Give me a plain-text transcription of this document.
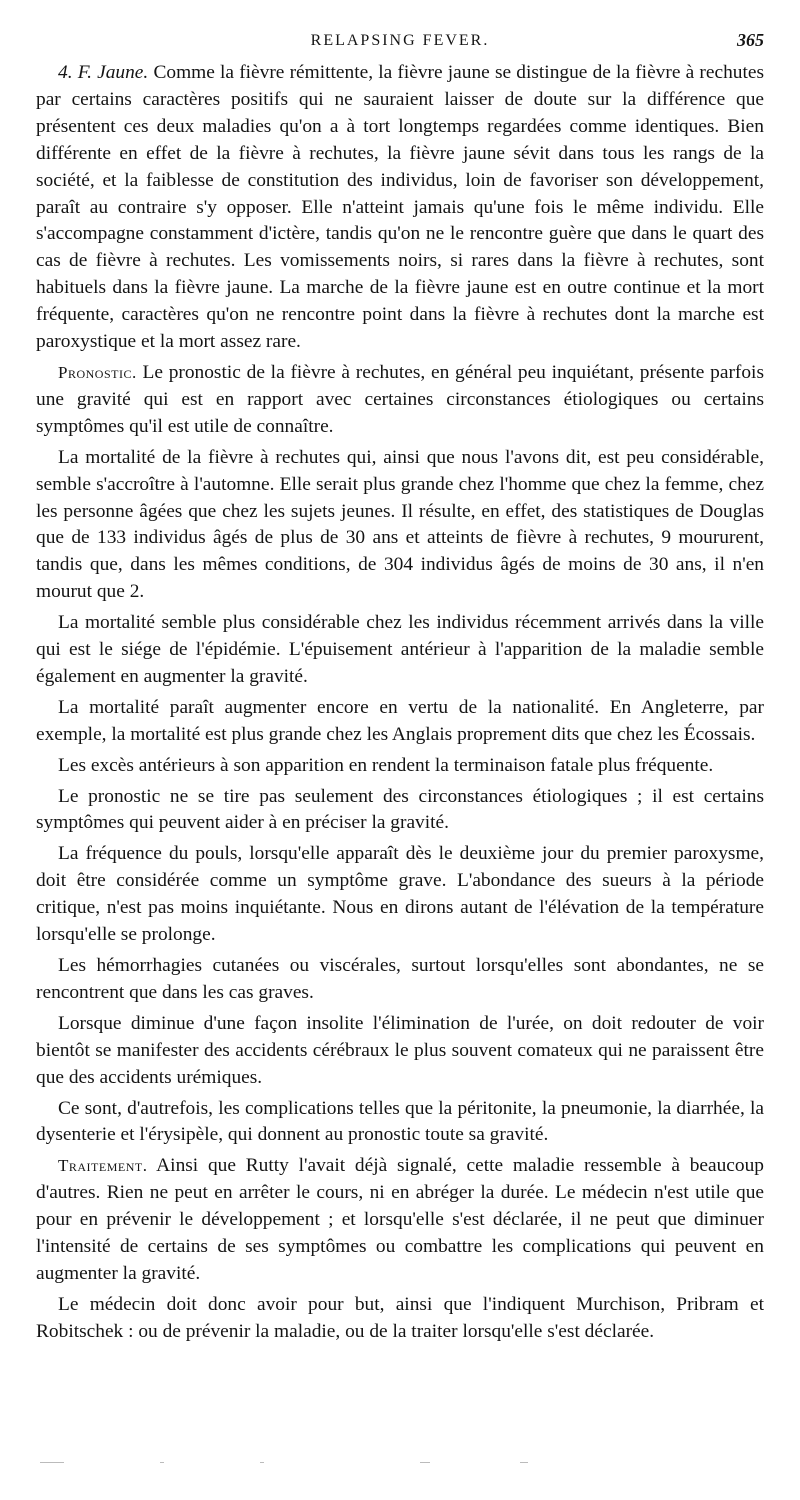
RELAPSING FEVER.	365

4. F. Jaune. Comme la fièvre rémittente, la fièvre jaune se distingue de la fièvre à rechutes par certains caractères positifs qui ne sauraient laisser de doute sur la différence que présentent ces deux maladies qu'on a à tort longtemps regardées comme identiques. Bien différente en effet de la fièvre à rechutes, la fièvre jaune sévit dans tous les rangs de la société, et la faiblesse de constitution des individus, loin de favoriser son développement, paraît au contraire s'y opposer. Elle n'atteint jamais qu'une fois le même individu. Elle s'accompagne constamment d'ictère, tandis qu'on ne le rencontre guère que dans le quart des cas de fièvre à rechutes. Les vomissements noirs, si rares dans la fièvre à rechutes, sont habituels dans la fièvre jaune. La marche de la fièvre jaune est en outre continue et la mort fréquente, caractères qu'on ne rencontre point dans la fièvre à rechutes dont la marche est paroxystique et la mort assez rare.

Pronostic. Le pronostic de la fièvre à rechutes, en général peu inquiétant, présente parfois une gravité qui est en rapport avec certaines circonstances étiologiques ou certains symptômes qu'il est utile de connaître.

La mortalité de la fièvre à rechutes qui, ainsi que nous l'avons dit, est peu considérable, semble s'accroître à l'automne. Elle serait plus grande chez l'homme que chez la femme, chez les personne âgées que chez les sujets jeunes. Il résulte, en effet, des statistiques de Douglas que de 133 individus âgés de plus de 30 ans et atteints de fièvre à rechutes, 9 moururent, tandis que, dans les mêmes conditions, de 304 individus âgés de moins de 30 ans, il n'en mourut que 2.

La mortalité semble plus considérable chez les individus récemment arrivés dans la ville qui est le siége de l'épidémie. L'épuisement antérieur à l'apparition de la maladie semble également en augmenter la gravité.

La mortalité paraît augmenter encore en vertu de la nationalité. En Angleterre, par exemple, la mortalité est plus grande chez les Anglais proprement dits que chez les Écossais.

Les excès antérieurs à son apparition en rendent la terminaison fatale plus fréquente.

Le pronostic ne se tire pas seulement des circonstances étiologiques ; il est certains symptômes qui peuvent aider à en préciser la gravité.

La fréquence du pouls, lorsqu'elle apparaît dès le deuxième jour du premier paroxysme, doit être considérée comme un symptôme grave. L'abondance des sueurs à la période critique, n'est pas moins inquiétante. Nous en dirons autant de l'élévation de la température lorsqu'elle se prolonge.

Les hémorrhagies cutanées ou viscérales, surtout lorsqu'elles sont abondantes, ne se rencontrent que dans les cas graves.

Lorsque diminue d'une façon insolite l'élimination de l'urée, on doit redouter de voir bientôt se manifester des accidents cérébraux le plus souvent comateux qui ne paraissent être que des accidents urémiques.

Ce sont, d'autrefois, les complications telles que la péritonite, la pneumonie, la diarrhée, la dysenterie et l'érysipèle, qui donnent au pronostic toute sa gravité.

Traitement. Ainsi que Rutty l'avait déjà signalé, cette maladie ressemble à beaucoup d'autres. Rien ne peut en arrêter le cours, ni en abréger la durée. Le médecin n'est utile que pour en prévenir le développement ; et lorsqu'elle s'est déclarée, il ne peut que diminuer l'intensité de certains de ses symptômes ou combattre les complications qui peuvent en augmenter la gravité.

Le médecin doit donc avoir pour but, ainsi que l'indiquent Murchison, Pribram et Robitschek : ou de prévenir la maladie, ou de la traiter lorsqu'elle s'est déclarée.
